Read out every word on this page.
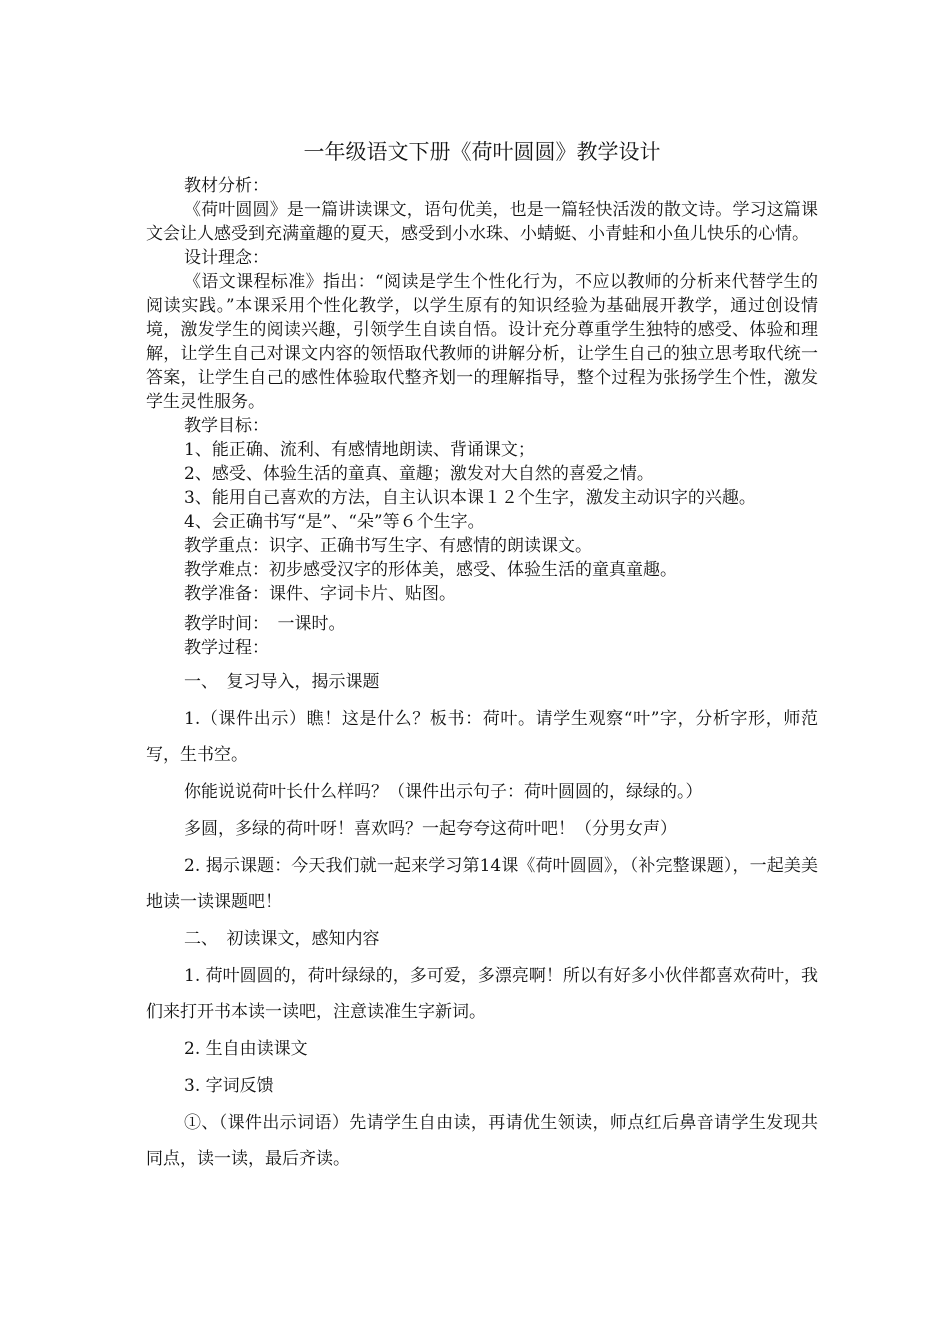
一年级语文下册《荷叶圆圆》教学设计

教材分析：

《荷叶圆圆》是一篇讲读课文，语句优美，也是一篇轻快活泼的散文诗。学习这篇课文会让人感受到充满童趣的夏天，感受到小水珠、小蜻蜓、小青蛙和小鱼儿快乐的心情。

设计理念：

《语文课程标准》指出：“阅读是学生个性化行为，不应以教师的分析来代替学生的阅读实践。”本课采用个性化教学，以学生原有的知识经验为基础展开教学，通过创设情境，激发学生的阅读兴趣，引领学生自读自悟。设计充分尊重学生独特的感受、体验和理解，让学生自己对课文内容的领悟取代教师的讲解分析，让学生自己的独立思考取代统一答案，让学生自己的感性体验取代整齐划一的理解指导，整个过程为张扬学生个性，激发学生灵性服务。

教学目标：

1、能正确、流利、有感情地朗读、背诵课文；

2、感受、体验生活的童真、童趣；激发对大自然的喜爱之情。

3、能用自己喜欢的方法，自主认识本课１２个生字，激发主动识字的兴趣。

4、会正确书写“是”、“朵”等６个生字。

教学重点：识字、正确书写生字、有感情的朗读课文。

教学难点：初步感受汉字的形体美，感受、体验生活的童真童趣。

教学准备：课件、字词卡片、贴图。

教学时间：　一课时。

教学过程：

一、　复习导入，揭示课题

1.（课件出示）瞧！这是什么？板书：荷叶。请学生观察“叶”字，分析字形，师范写，生书空。

你能说说荷叶长什么样吗？（课件出示句子：荷叶圆圆的，绿绿的。）

多圆，多绿的荷叶呀！喜欢吗？一起夸夸这荷叶吧！（分男女声）

2. 揭示课题：今天我们就一起来学习第14课《荷叶圆圆》，（补完整课题），一起美美地读一读课题吧！

二、　初读课文，感知内容

1. 荷叶圆圆的，荷叶绿绿的，多可爱，多漂亮啊！所以有好多小伙伴都喜欢荷叶，我们来打开书本读一读吧，注意读准生字新词。

2. 生自由读课文

3. 字词反馈

①、（课件出示词语）先请学生自由读，再请优生领读，师点红后鼻音请学生发现共同点，读一读，最后齐读。
